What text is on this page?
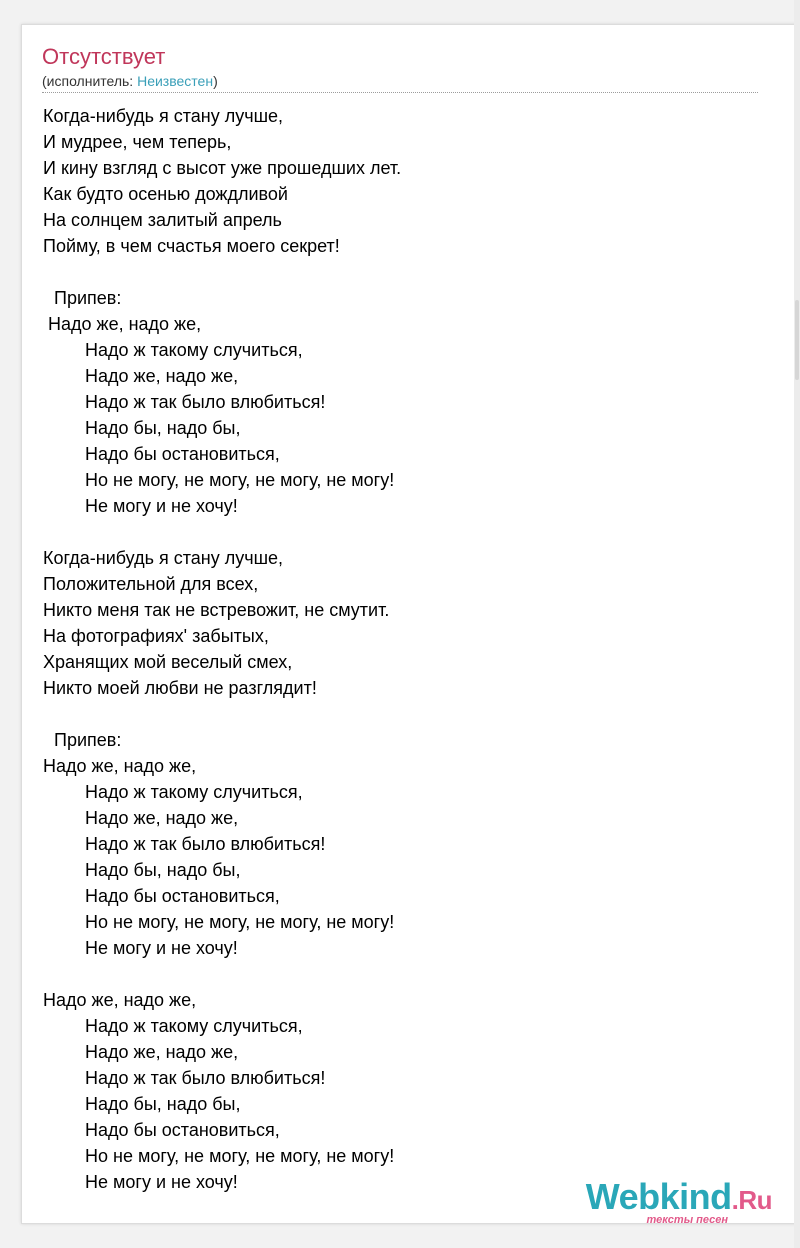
Отсутствует
(исполнитель: Неизвестен)
Когда-нибудь я стану лучше,
И мудрее, чем теперь,
И кину взгляд с высот уже прошедших лет.
Как будто осенью дождливой
На солнцем залитый апрель
Пойму, в чем счастья моего секрет!
Припев:
Надо же, надо же,
Надо ж такому случиться,
Надо же, надо же,
Надо ж так было влюбиться!
Надо бы, надо бы,
Надо бы остановиться,
Но не могу, не могу, не могу, не могу!
Не могу и не хочу!
Когда-нибудь я стану лучше,
Положительной для всех,
Никто меня так не встревожит, не смутит.
На фотографиях' забытых,
Хранящих мой веселый смех,
Никто моей любви не разглядит!
Припев:
Надо же, надо же,
Надо ж такому случиться,
Надо же, надо же,
Надо ж так было влюбиться!
Надо бы, надо бы,
Надо бы остановиться,
Но не могу, не могу, не могу, не могу!
Не могу и не хочу!
Надо же, надо же,
Надо ж такому случиться,
Надо же, надо же,
Надо ж так было влюбиться!
Надо бы, надо бы,
Надо бы остановиться,
Но не могу, не могу, не могу, не могу!
Не могу и не хочу!	Webkind.Ru
тексты песен
